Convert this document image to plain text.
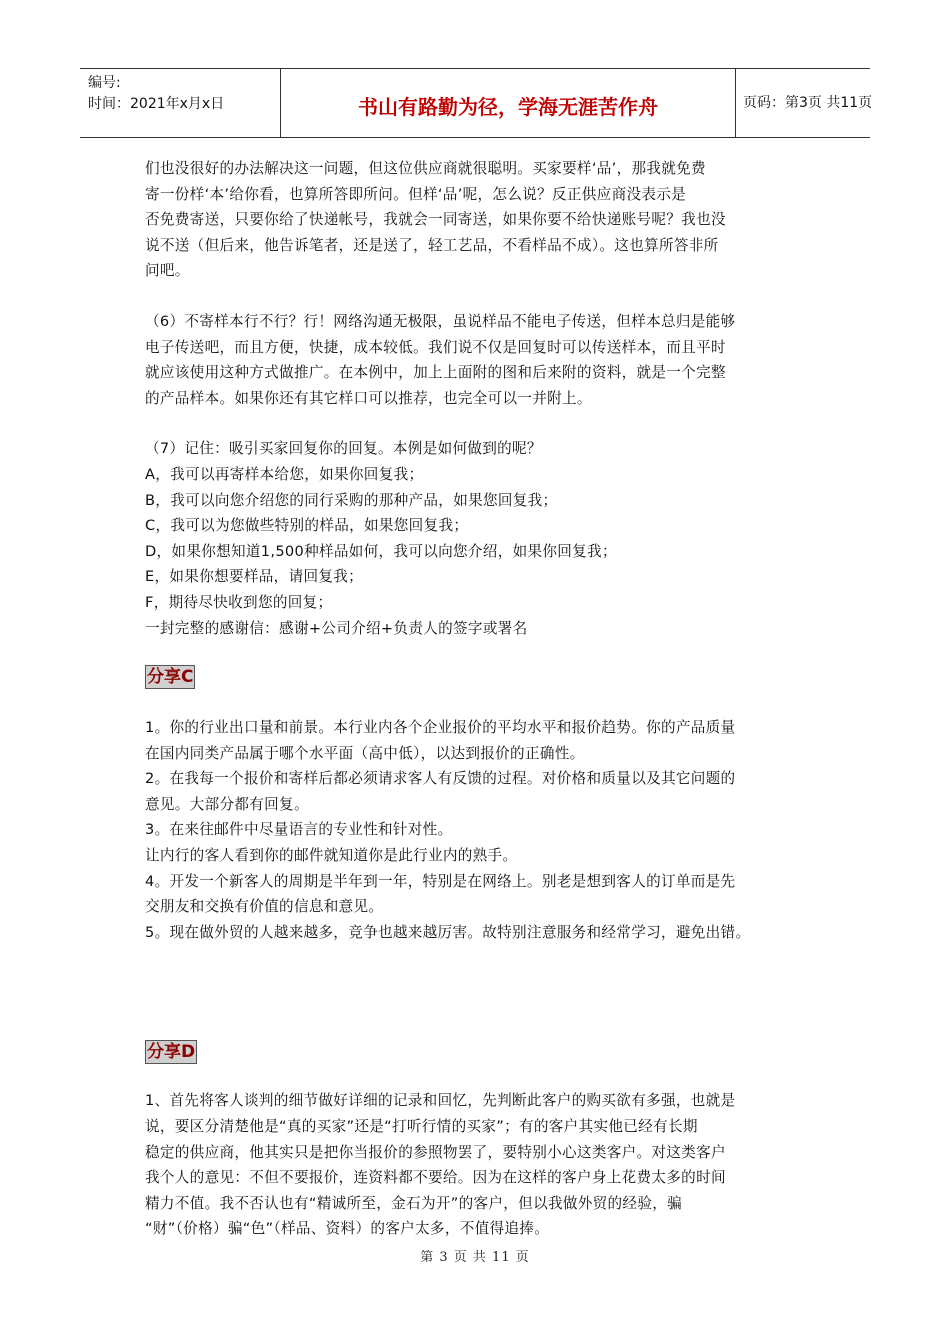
编号:
时间：2021年x月x日	书山有路勤为径，学海无涯苦作舟	页码：第3页 共11页

们也没很好的办法解决这一问题，但这位供应商就很聪明。买家要样‘品’，那我就免费

寄一份样‘本’给你看，也算所答即所问。但样‘品’呢，怎么说？反正供应商没表示是

否免费寄送，只要你给了快递帐号，我就会一同寄送，如果你要不给快递账号呢？我也没

说不送（但后来，他告诉笔者，还是送了，轻工艺品，不看样品不成）。这也算所答非所

问吧。

（6）不寄样本行不行？行！网络沟通无极限，虽说样品不能电子传送，但样本总归是能够

电子传送吧，而且方便，快捷，成本较低。我们说不仅是回复时可以传送样本，而且平时

就应该使用这种方式做推广。在本例中，加上上面附的图和后来附的资料，就是一个完整

的产品样本。如果你还有其它样口可以推荐，也完全可以一并附上。

（7）记住：吸引买家回复你的回复。本例是如何做到的呢？

A，我可以再寄样本给您，如果你回复我；

B，我可以向您介绍您的同行采购的那种产品，如果您回复我；

C，我可以为您做些特别的样品，如果您回复我；

D，如果你想知道1,500种样品如何，我可以向您介绍，如果你回复我；

E，如果你想要样品，请回复我；

F，期待尽快收到您的回复；

一封完整的感谢信：感谢+公司介绍+负责人的签字或署名

分享C

1。你的行业出口量和前景。本行业内各个企业报价的平均水平和报价趋势。你的产品质量

在国内同类产品属于哪个水平面（高中低），以达到报价的正确性。

2。在我每一个报价和寄样后都必须请求客人有反馈的过程。对价格和质量以及其它问题的

意见。大部分都有回复。

3。在来往邮件中尽量语言的专业性和针对性。

让内行的客人看到你的邮件就知道你是此行业内的熟手。

4。开发一个新客人的周期是半年到一年，特别是在网络上。别老是想到客人的订单而是先

交朋友和交换有价值的信息和意见。

5。现在做外贸的人越来越多，竞争也越来越厉害。故特别注意服务和经常学习，避免出错。

分享D

1、首先将客人谈判的细节做好详细的记录和回忆，先判断此客户的购买欲有多强，也就是

说，要区分清楚他是“真的买家”还是“打听行情的买家”；有的客户其实他已经有长期

稳定的供应商，他其实只是把你当报价的参照物罢了，要特别小心这类客户。对这类客户

我个人的意见：不但不要报价，连资料都不要给。因为在这样的客户身上花费太多的时间

精力不值。我不否认也有“精诚所至，金石为开”的客户，但以我做外贸的经验，骗

“财”（价格）骗“色”（样品、资料）的客户太多，不值得追捧。

第 3 页 共 11 页
